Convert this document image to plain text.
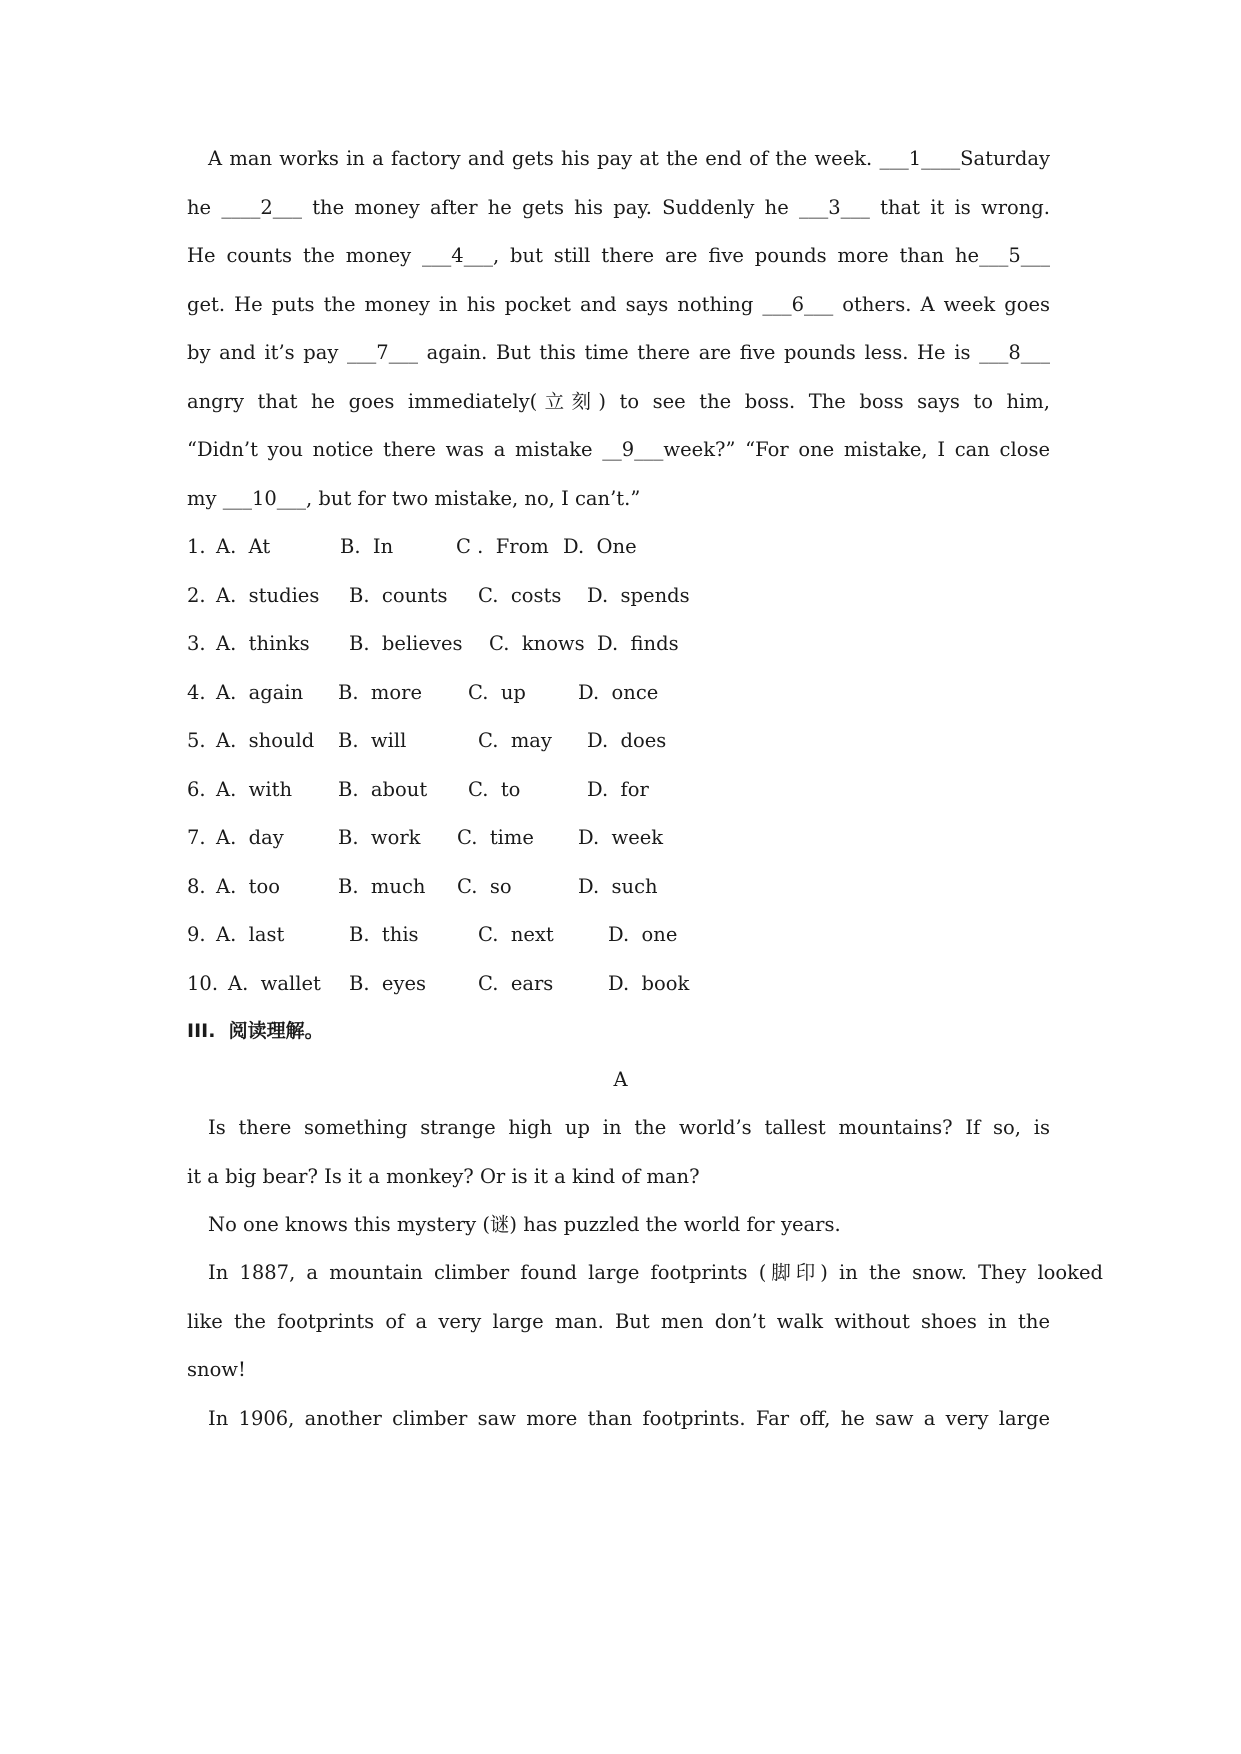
A man works in a factory and gets his pay at the end of the week. ___1____Saturday
he ____2___ the money after he gets his pay. Suddenly he ___3___ that it is wrong.
He counts the money ___4___, but still there are five pounds more than he___5___
get. He puts the money in his pocket and says nothing ___6___ others. A week goes
by and it’s pay ___7___ again. But this time there are five pounds less. He is ___8___
angry that he goes immediately(立刻) to see the boss. The boss says to him,
“Didn’t you notice there was a mistake __9___week?” “For one mistake, I can close
my ___10___, but for two mistake, no, I can’t.”
1. A.  At	B.  In	C .  From D.  One
2. A.  studies B.  counts C.  costs D.  spends
3. A.  thinks B.  believes C.  knows D.  finds
4. A.  again B.  more C.  up	D.  once
5. A.  should B.  will	C.  may D.  does
6. A.  with B.  about C.  to	D.  for
7. A.  day	B.  work C.  time D.  week
8. A.  too	B.  much C.  so	D.  such
9. A.  last	B.  this	C.  next	D.  one
10. A.  wallet B.  eyes	C.  ears	D.  book
III.  阅读理解。
A
Is there something strange high up in the world’s tallest mountains? If so, is
it a big bear? Is it a monkey? Or is it a kind of man?
No one knows this mystery (谜) has puzzled the world for years.
In 1887, a mountain climber found large footprints (脚印) in the snow. They looked
like the footprints of a very large man. But men don’t walk without shoes in the
snow!
In 1906, another climber saw more than footprints. Far off, he saw a very large
